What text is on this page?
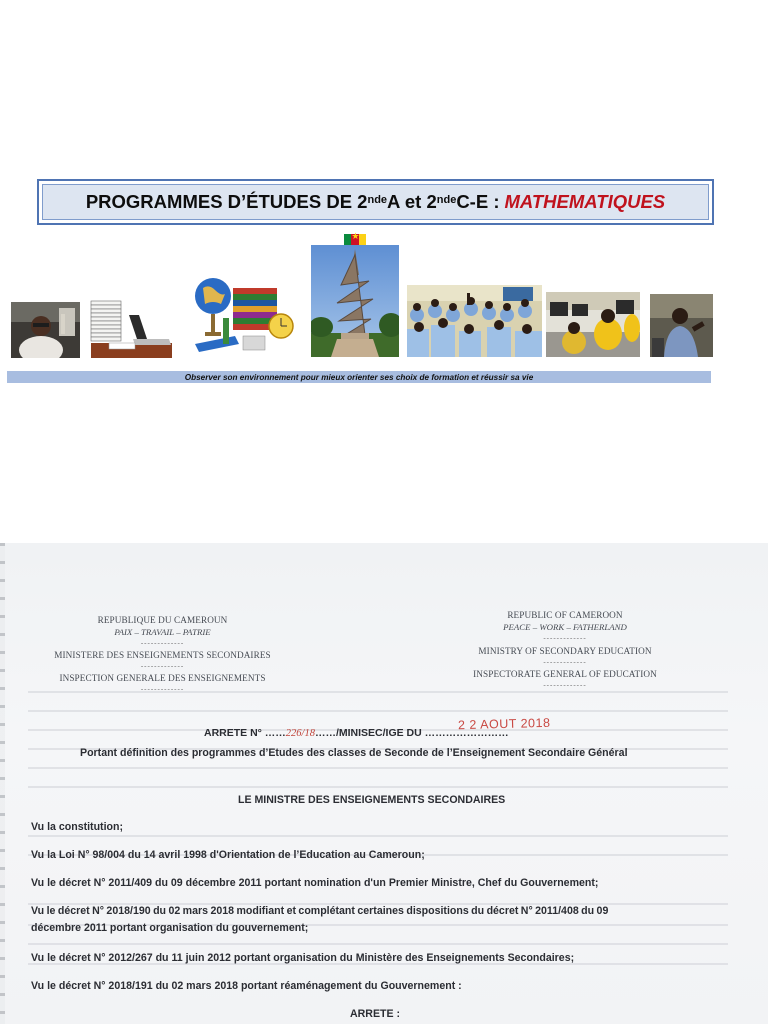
PROGRAMMES D’ÉTUDES DE 2nde A et 2nde C-E : MATHEMATIQUES
★
Observer son environnement pour mieux orienter ses choix de formation et réussir sa vie
REPUBLIQUE DU CAMEROUN
PAIX – TRAVAIL – PATRIE
-------------
MINISTERE DES ENSEIGNEMENTS SECONDAIRES
-------------
INSPECTION GENERALE DES ENSEIGNEMENTS
-------------
REPUBLIC OF CAMEROON
PEACE – WORK – FATHERLAND
-------------
MINISTRY OF SECONDARY EDUCATION
-------------
INSPECTORATE GENERAL OF EDUCATION
-------------
ARRETE N° ……226/18……/MINISEC/IGE DU ……………………
2 2 AOUT 2018
Portant définition des programmes d’Etudes des classes de Seconde de l’Enseignement Secondaire Général
LE MINISTRE DES ENSEIGNEMENTS SECONDAIRES
Vu la constitution;
Vu la Loi N° 98/004 du 14 avril 1998 d'Orientation de l’Education au Cameroun;
Vu le décret N° 2011/409 du 09 décembre 2011 portant nomination d'un Premier Ministre, Chef du Gouvernement;
Vu le décret N° 2018/190 du 02 mars 2018 modifiant et complétant certaines dispositions du décret N° 2011/408 du 09
décembre 2011 portant organisation du gouvernement;
Vu le décret N° 2012/267 du 11 juin 2012 portant organisation du Ministère des Enseignements Secondaires;
Vu le décret N° 2018/191 du 02 mars 2018 portant réaménagement du Gouvernement :
ARRETE :
